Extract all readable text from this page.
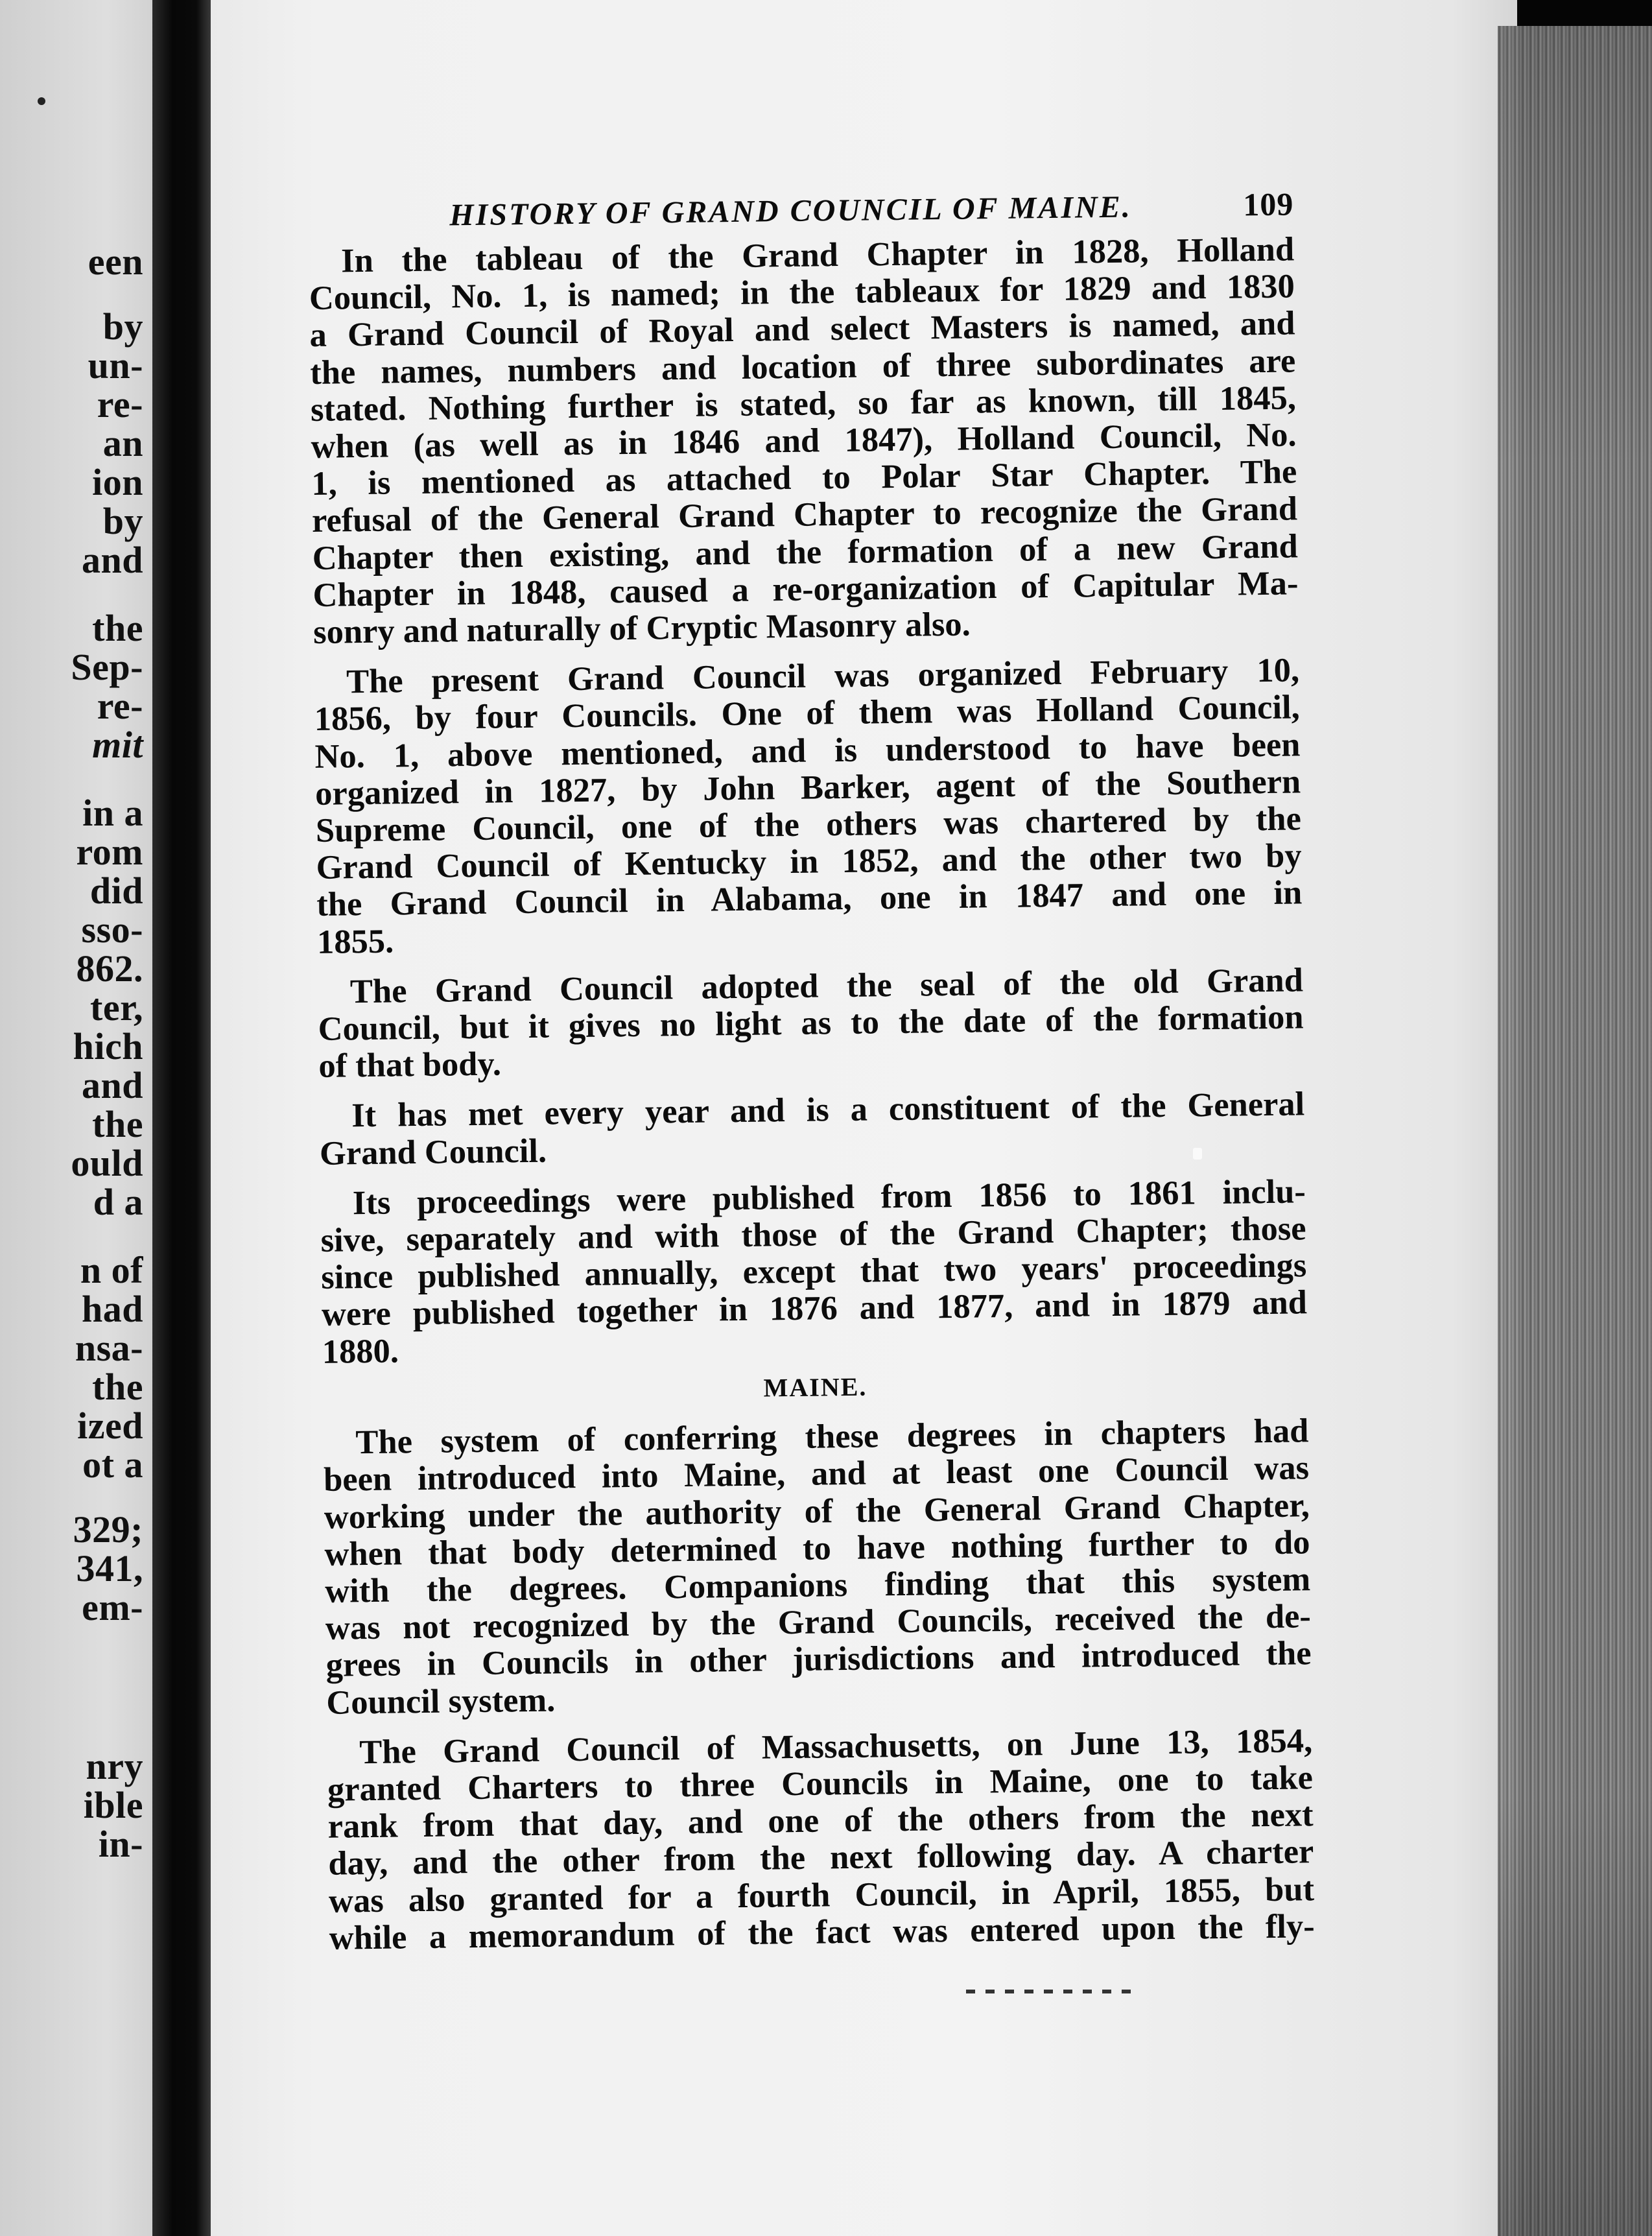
een
by
un-
re-
an
ion
by
and
the
Sep-
re-
mit
in a
rom
did
sso-
862.
ter,
hich
and
the
ould
d a
n of
had
nsa-
the
ized
ot a
329;
341,
em-
nry
ible
in-
HISTORY OF GRAND COUNCIL OF MAINE.	109
In the tableau of the Grand Chapter in 1828, Holland
Council, No. 1, is named; in the tableaux for 1829 and 1830
a Grand Council of Royal and select Masters is named, and
the names, numbers and location of three subordinates are
stated. Nothing further is stated, so far as known, till 1845,
when (as well as in 1846 and 1847), Holland Council, No.
1, is mentioned as attached to Polar Star Chapter. The
refusal of the General Grand Chapter to recognize the Grand
Chapter then existing, and the formation of a new Grand
Chapter in 1848, caused a re-organization of Capitular Ma-
sonry and naturally of Cryptic Masonry also.
The present Grand Council was organized February 10,
1856, by four Councils. One of them was Holland Council,
No. 1, above mentioned, and is understood to have been
organized in 1827, by John Barker, agent of the Southern
Supreme Council, one of the others was chartered by the
Grand Council of Kentucky in 1852, and the other two by
the Grand Council in Alabama, one in 1847 and one in
1855.
The Grand Council adopted the seal of the old Grand
Council, but it gives no light as to the date of the formation
of that body.
It has met every year and is a constituent of the General
Grand Council.
Its proceedings were published from 1856 to 1861 inclu-
sive, separately and with those of the Grand Chapter; those
since published annually, except that two years' proceedings
were published together in 1876 and 1877, and in 1879 and
1880.
MAINE.
The system of conferring these degrees in chapters had
been introduced into Maine, and at least one Council was
working under the authority of the General Grand Chapter,
when that body determined to have nothing further to do
with the degrees. Companions finding that this system
was not recognized by the Grand Councils, received the de-
grees in Councils in other jurisdictions and introduced the
Council system.
The Grand Council of Massachusetts, on June 13, 1854,
granted Charters to three Councils in Maine, one to take
rank from that day, and one of the others from the next
day, and the other from the next following day. A charter
was also granted for a fourth Council, in April, 1855, but
while a memorandum of the fact was entered upon the fly-
